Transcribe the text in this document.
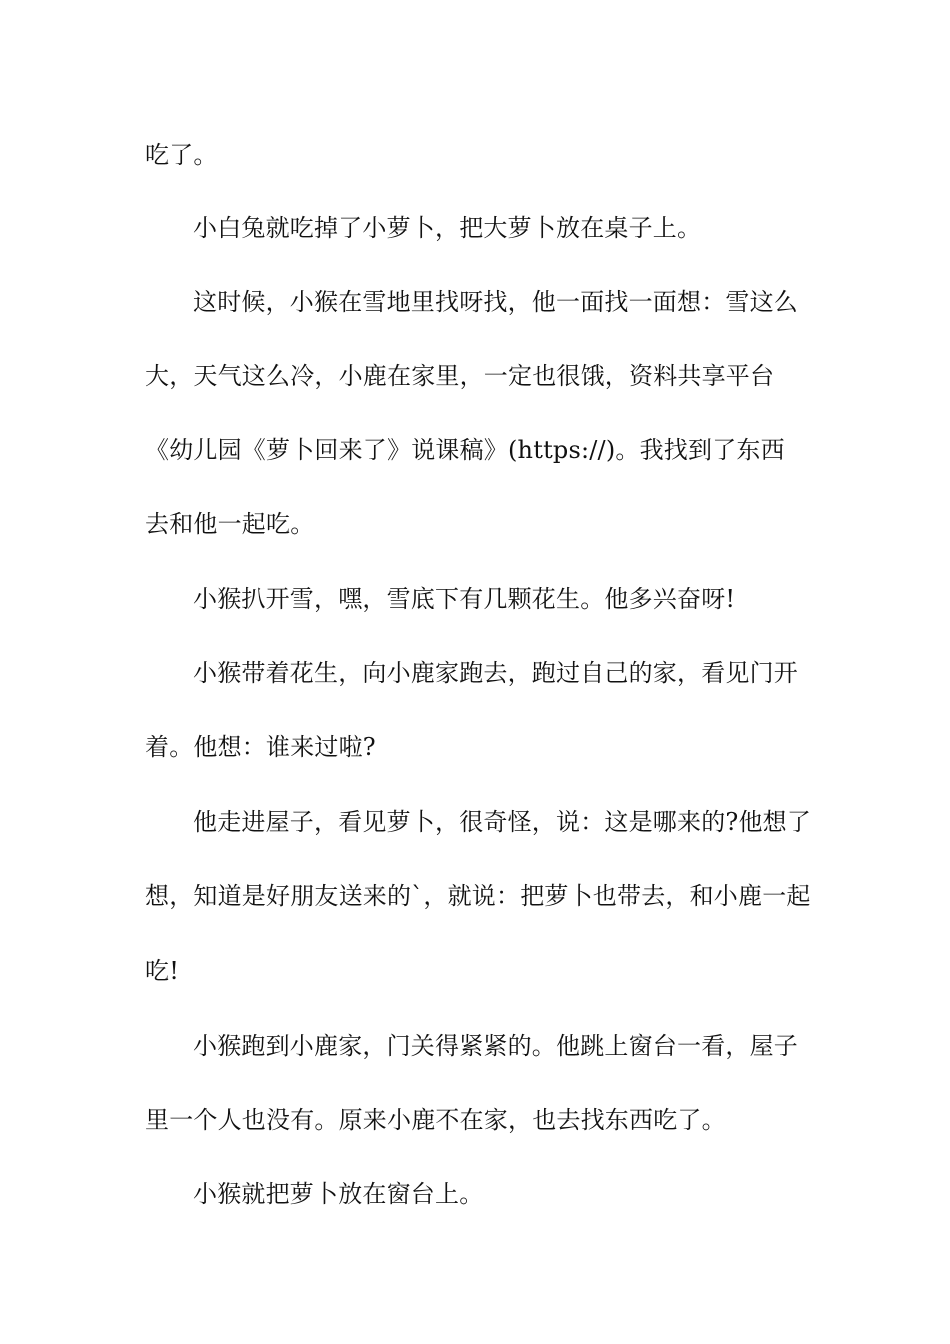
吃了。
小白兔就吃掉了小萝卜，把大萝卜放在桌子上。
这时候，小猴在雪地里找呀找，他一面找一面想：雪这么
大，天气这么冷，小鹿在家里，一定也很饿，资料共享平台
《幼儿园《萝卜回来了》说课稿》(https://)。我找到了东西
去和他一起吃。
小猴扒开雪，嘿，雪底下有几颗花生。他多兴奋呀!
小猴带着花生，向小鹿家跑去，跑过自己的家，看见门开
着。他想：谁来过啦?
他走进屋子，看见萝卜，很奇怪，说：这是哪来的?他想了
想，知道是好朋友送来的`，就说：把萝卜也带去，和小鹿一起
吃!
小猴跑到小鹿家，门关得紧紧的。他跳上窗台一看，屋子
里一个人也没有。原来小鹿不在家，也去找东西吃了。
小猴就把萝卜放在窗台上。
